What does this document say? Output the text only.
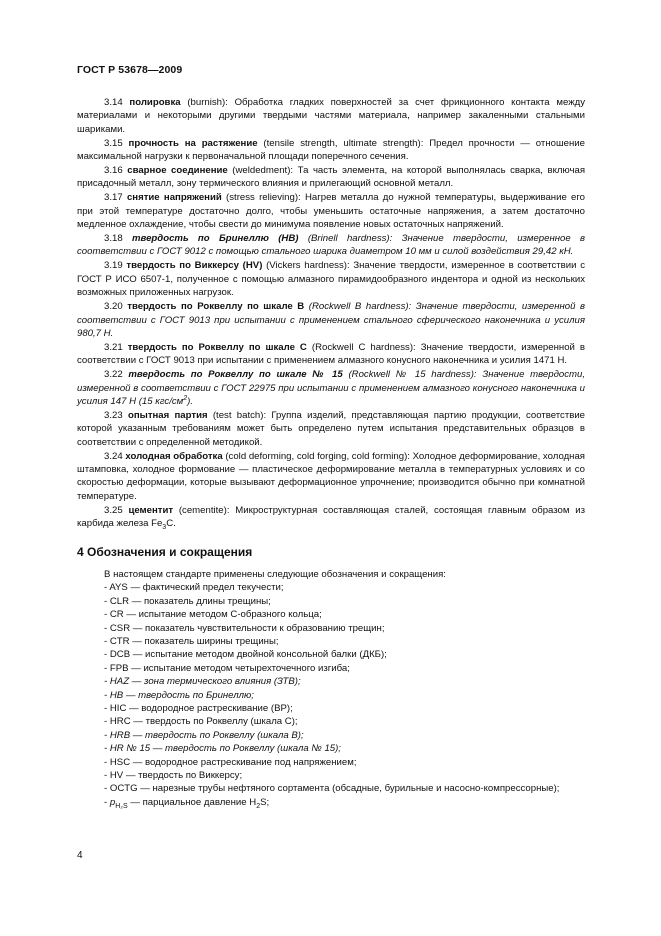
ГОСТ Р 53678—2009

3.14 полировка (burnish): Обработка гладких поверхностей за счет фрикционного контакта между материалами и некоторыми другими твердыми частями материала, например закаленными стальными шариками.

3.15 прочность на растяжение (tensile strength, ultimate strength): Предел прочности — отношение максимальной нагрузки к первоначальной площади поперечного сечения.

3.16 сварное соединение (weldedment): Та часть элемента, на которой выполнялась сварка, включая присадочный металл, зону термического влияния и прилегающий основной металл.

3.17 снятие напряжений (stress relieving): Нагрев металла до нужной температуры, выдерживание его при этой температуре достаточно долго, чтобы уменьшить остаточные напряжения, а затем достаточно медленное охлаждение, чтобы свести до минимума появление новых остаточных напряжений.

3.18 твердость по Бринеллю (HB) (Brinell hardness): Значение твердости, измеренное в соответствии с ГОСТ 9012 с помощью стального шарика диаметром 10 мм и силой воздействия 29,42 кН.

3.19 твердость по Виккерсу (HV) (Vickers hardness): Значение твердости, измеренное в соответствии с ГОСТ Р ИСО 6507-1, полученное с помощью алмазного пирамидообразного индентора и одной из нескольких возможных приложенных нагрузок.

3.20 твердость по Роквеллу по шкале В (Rockwell B hardness): Значение твердости, измеренной в соответствии с ГОСТ 9013 при испытании с применением стального сферического наконечника и усилия 980,7 Н.

3.21 твердость по Роквеллу по шкале С (Rockwell C hardness): Значение твердости, измеренной в соответствии с ГОСТ 9013 при испытании с применением алмазного конусного наконечника и усилия 1471 Н.

3.22 твердость по Роквеллу по шкале № 15 (Rockwell № 15 hardness): Значение твердости, измеренной в соответствии с ГОСТ 22975 при испытании с применением алмазного конусного наконечника и усилия 147 Н (15 кгс/$см^2$).

3.23 опытная партия (test batch): Группа изделий, представляющая партию продукции, соответствие которой указанным требованиям может быть определено путем испытания представительных образцов в соответствии с определенной методикой.

3.24 холодная обработка (cold deforming, cold forging, cold forming): Холодное деформирование, холодная штамповка, холодное формование — пластическое деформирование металла в температурных условиях и со скоростью деформации, которые вызывают деформационное упрочнение; производится обычно при комнатной температуре.

3.25 цементит (cementite): Микроструктурная составляющая сталей, состоящая главным образом из карбида железа $Fe_3C$.

4 Обозначения и сокращения

В настоящем стандарте применены следующие обозначения и сокращения:

- AYS — фактический предел текучести;
- CLR — показатель длины трещины;
- CR — испытание методом С-образного кольца;
- CSR — показатель чувствительности к образованию трещин;
- CTR — показатель ширины трещины;
- DCB — испытание методом двойной консольной балки (ДКБ);
- FPB — испытание методом четырехточечного изгиба;
- HAZ — зона термического влияния (ЗТВ);
- HB — твердость по Бринеллю;
- HIC — водородное растрескивание (ВР);
- HRC — твердость по Роквеллу (шкала С);
- HRB — твердость по Роквеллу (шкала В);
- HR № 15 — твердость по Роквеллу (шкала № 15);
- HSC — водородное растрескивание под напряжением;
- HV — твердость по Виккерсу;
- OCTG — нарезные трубы нефтяного сортамента (обсадные, бурильные и насосно-компрессорные);
- $p_{H_2S}$ — парциальное давление $H_2S$;
4
